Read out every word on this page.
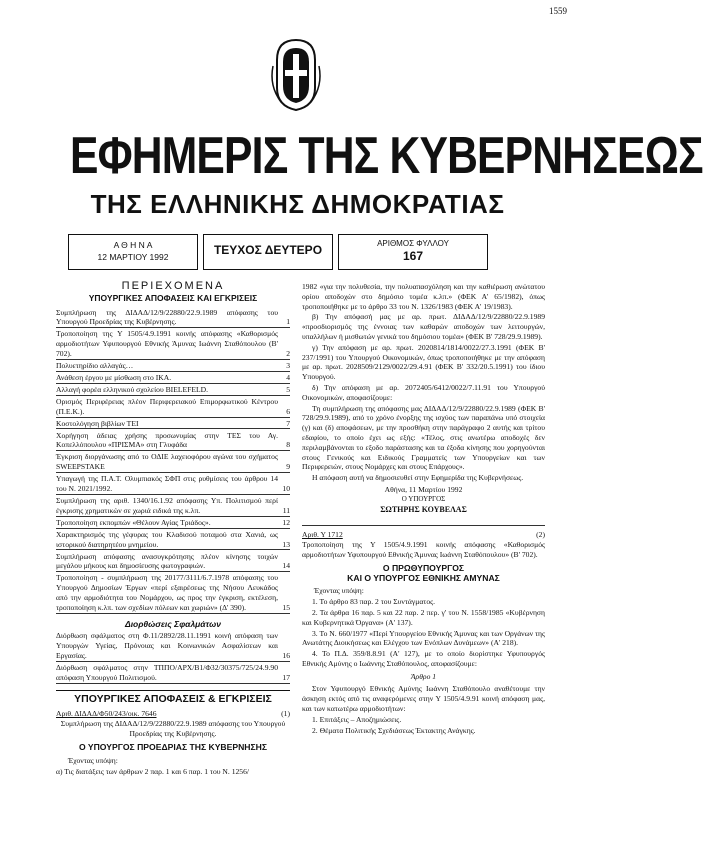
1559
ΕΦΗΜΕΡΙΣ ΤΗΣ ΚΥΒΕΡΝΗΣΕΩΣ
ΤΗΣ ΕΛΛΗΝΙΚΗΣ ΔΗΜΟΚΡΑΤΙΑΣ
Α Θ Η Ν Α
12 ΜΑΡΤΙΟΥ 1992	ΤΕΥΧΟΣ ΔΕΥΤΕΡΟ	ΑΡΙΘΜΟΣ ΦΥΛΛΟΥ
167
ΠΕΡΙΕΧΟΜΕΝΑ
ΥΠΟΥΡΓΙΚΕΣ ΑΠΟΦΑΣΕΙΣ ΚΑΙ ΕΓΚΡΙΣΕΙΣ
Συμπλήρωση της ΔΙΔΑΔ/12/9/22880/22.9.1989 απόφασης του Υπουργού Προεδρίας της Κυβέρνησης.	1
Τροποποίηση της Υ 1505/4.9.1991 κοινής απόφασης «Καθορισμός αρμοδιοτήτων Υφυπουργού Εθνικής Άμυνας Ιωάννη Σταθόπουλου (Β' 702).	2
Πολυετηρίδιο αλλαγάς…	3
Ανάθεση έργου με μίσθωση στο ΙΚΑ.	4
Αλλαγή φορέα ελληνικού σχολείου BIELEFELD.	5
Ορισμός Περιφέρειας πλέον Περιφερειακού Επιμορφωτικού Κέντρου (Π.Ε.Κ.).	6
Κοστολόγηση βιβλίων ΤΕΙ	7
Χορήγηση άδειας χρήσης προσωνυμίας στην ΤΕΣ του Αγ. Κοπελλόπουλου «ΠΡΙΣΜΑ» στη Γλυφάδα	8
Έγκριση διοργάνωσης από το ΟΔΙΕ λαχειοφόρου αγώνα του σχήματος SWEEPSTAKE	9
Υπαγωγή της Π.Α.Τ. Ολυμπιακός ΣΦΠ στις ρυθμίσεις του άρθρου 14 του Ν. 2021/1992.	10
Συμπλήρωση της αριθ. 1340/16.1.92 απόφασης Υπ. Πολιτισμού περί έγκρισης χρηματικών σε χωριά ειδικά της κ.λπ.	11
Τροποποίηση εκπομπών «Θέλουν Αγίας Τριάδος».	12
Χαρακτηρισμός της γέφυρας του Κλαδισού ποταμού στα Χανιά, ως ιστορικού διατηρητέου μνημείου.	13
Συμπλήρωση απόφασης ανασυγκρότησης πλέον κίνησης τοιχών μεγάλου μήκους και δημοσίευσης φωτογραφιών.	14
Τροποποίηση - συμπλήρωση της 20177/3111/6.7.1978 απόφασης του Υπουργού Δημοσίων Έργων «περί εξαιρέσεως της Νήσου Λευκάδος από την αρμοδιότητα του Νομάρχου, ως προς την έγκριση, εκτέλεση, τροποποίηση κ.λπ. των σχεδίων πόλεων και χωριών» (Δ' 390).	15
Διορθώσεις Σφαλμάτων
Διόρθωση σφάλματος στη Φ.11/2892/28.11.1991 κοινή απόφαση των Υπουργών Υγείας, Πρόνοιας και Κοινωνικών Ασφαλίσεων και Εργασίας.	16
Διόρθωση σφάλματος στην ΤΠΠΟ/ΑΡΧ/Β1/Φ32/30375/725/24.9.90 απόφαση Υπουργού Πολιτισμού.	17
ΥΠΟΥΡΓΙΚΕΣ ΑΠΟΦΑΣΕΙΣ & ΕΓΚΡΙΣΕΙΣ
Αριθ. ΔΙΔΑΔ/Φ50/243/οικ. 7646	(1)
Συμπλήρωση της ΔΙΔΑΔ/12/9/22880/22.9.1989 απόφασης του Υπουργού Προεδρίας της Κυβέρνησης.
Ο ΥΠΟΥΡΓΟΣ ΠΡΟΕΔΡΙΑΣ ΤΗΣ ΚΥΒΕΡΝΗΣΗΣ
Έχοντας υπόψη:
α) Τις διατάξεις των άρθρων 2 παρ. 1 και 6 παρ. 1 του Ν. 1256/
1982 «για την πολυθεσία, την πολυαπασχόληση και την καθιέρωση ανώτατου ορίου αποδοχών στο δημόσιο τομέα κ.λπ.» (ΦΕΚ Α' 65/1982), όπως τροποποιήθηκε με το άρθρο 33 του Ν. 1326/1983 (ΦΕΚ Α' 19/1983).
β) Την απόφασή μας με αρ. πρωτ. ΔΙΔΑΔ/12/9/22880/22.9.1989 «προσδιορισμός της έννοιας των καθαρών αποδοχών των λειτουργών, υπαλλήλων ή μισθωτών γενικά του δημόσιου τομέα» (ΦΕΚ Β' 728/29.9.1989).
γ) Την απόφαση με αρ. πρωτ. 2020814/1814/0022/27.3.1991 (ΦΕΚ Β' 237/1991) του Υπουργού Οικονομικών, όπως τροποποιήθηκε με την απόφαση με αρ. πρωτ. 2028509/2129/0022/29.4.91 (ΦΕΚ Β' 332/20.5.1991) του ίδιου Υπουργού.
δ) Την απόφαση με αρ. 2072405/6412/0022/7.11.91 του Υπουργού Οικονομικών, αποφασίζουμε:
Τη συμπλήρωση της απόφασης μας ΔΙΔΑΔ/12/9/22880/22.9.1989 (ΦΕΚ Β' 728/29.9.1989), από το χρόνο ένορξης της ισχύος των παραπάνω υπό στοιχεία (γ) και (δ) αποφάσεων, με την προσθήκη στην παράγραφο 2 αυτής και τρίτου εδαφίου, το οποίο έχει ως εξής: «Τέλος, στις ανωτέρω αποδοχές δεν περιλαμβάνονται το εξοδο παράστασης και τα έξοδα κίνησης που χορηγούνται στους Γενικούς και Ειδικούς Γραμματείς των Υπουργείων και των Περιφερειών, στους Νομάρχες και στους Επάρχους».
Η απόφαση αυτή να δημοσιευθεί στην Εφημερίδα της Κυβερνήσεως.
Αθήνα, 11 Μαρτίου 1992
Ο ΥΠΟΥΡΓΟΣ
ΣΩΤΗΡΗΣ ΚΟΥΒΕΛΑΣ
Αριθ. Υ 1712	(2)
Τροποποίηση της Υ 1505/4.9.1991 κοινής απόφασης «Καθορισμός αρμοδιοτήτων Υφυπουργού Εθνικής Άμυνας Ιωάννη Σταθόπουλου» (Β' 702).
Ο ΠΡΩΘΥΠΟΥΡΓΟΣ
ΚΑΙ Ο ΥΠΟΥΡΓΟΣ ΕΘΝΙΚΗΣ ΑΜΥΝΑΣ
Έχοντας υπόψη:
1. Το άρθρο 83 παρ. 2 του Συντάγματος.
2. Τα άρθρα 16 παρ. 5 και 22 παρ. 2 περ. γ' του Ν. 1558/1985 «Κυβέρνηση και Κυβερνητικά Όργανα» (Α' 137).
3. Το Ν. 660/1977 «Περί Υπουργείου Εθνικής Άμυνας και των Οργάνων της Ανωτάτης Διοικήσεως και Ελέγχου των Ενόπλων Δυνάμεων» (Α' 218).
4. Το Π.Δ. 359/8.8.91 (Α' 127), με το οποίο διορίστηκε Υφυπουργός Εθνικής Αμύνης ο Ιωάννης Σταθόπουλος, αποφασίζουμε:
Άρθρο 1
Στον Υφυπουργό Εθνικής Αμύνης Ιωάννη Σταθόπουλο αναθέτουμε την άσκηση εκτός από τις αναφερόμενες στην Υ 1505/4.9.91 κοινή απόφαση μας, και των κατωτέρω αρμοδιοτήτων:
1. Επιτάξεις – Αποζημιώσεις.
2. Θέματα Πολιτικής Σχεδιάσεως Έκτακτης Ανάγκης.
